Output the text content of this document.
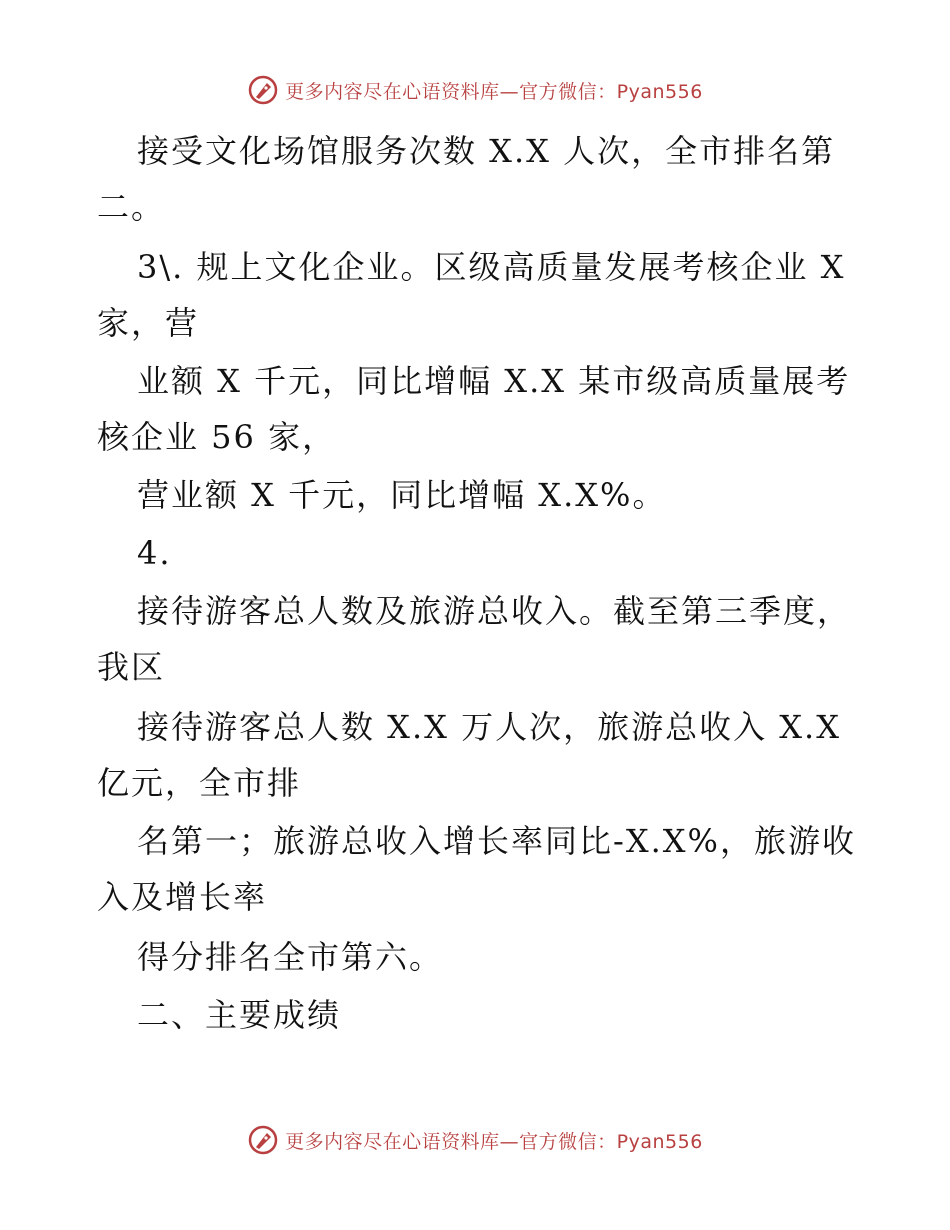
更多内容尽在心语资料库—官方微信：Pyan556
接受文化场馆服务次数 X.X 人次，全市排名第
二。
3\. 规上文化企业。区级高质量发展考核企业 X
家，营
业额 X 千元，同比增幅 X.X 某市级高质量展考
核企业 56 家，
营业额 X 千元，同比增幅 X.X%。
4.
接待游客总人数及旅游总收入。截至第三季度，
我区
接待游客总人数 X.X 万人次，旅游总收入 X.X
亿元，全市排
名第一；旅游总收入增长率同比-X.X%，旅游收
入及增长率
得分排名全市第六。
二、主要成绩
更多内容尽在心语资料库—官方微信：Pyan556
